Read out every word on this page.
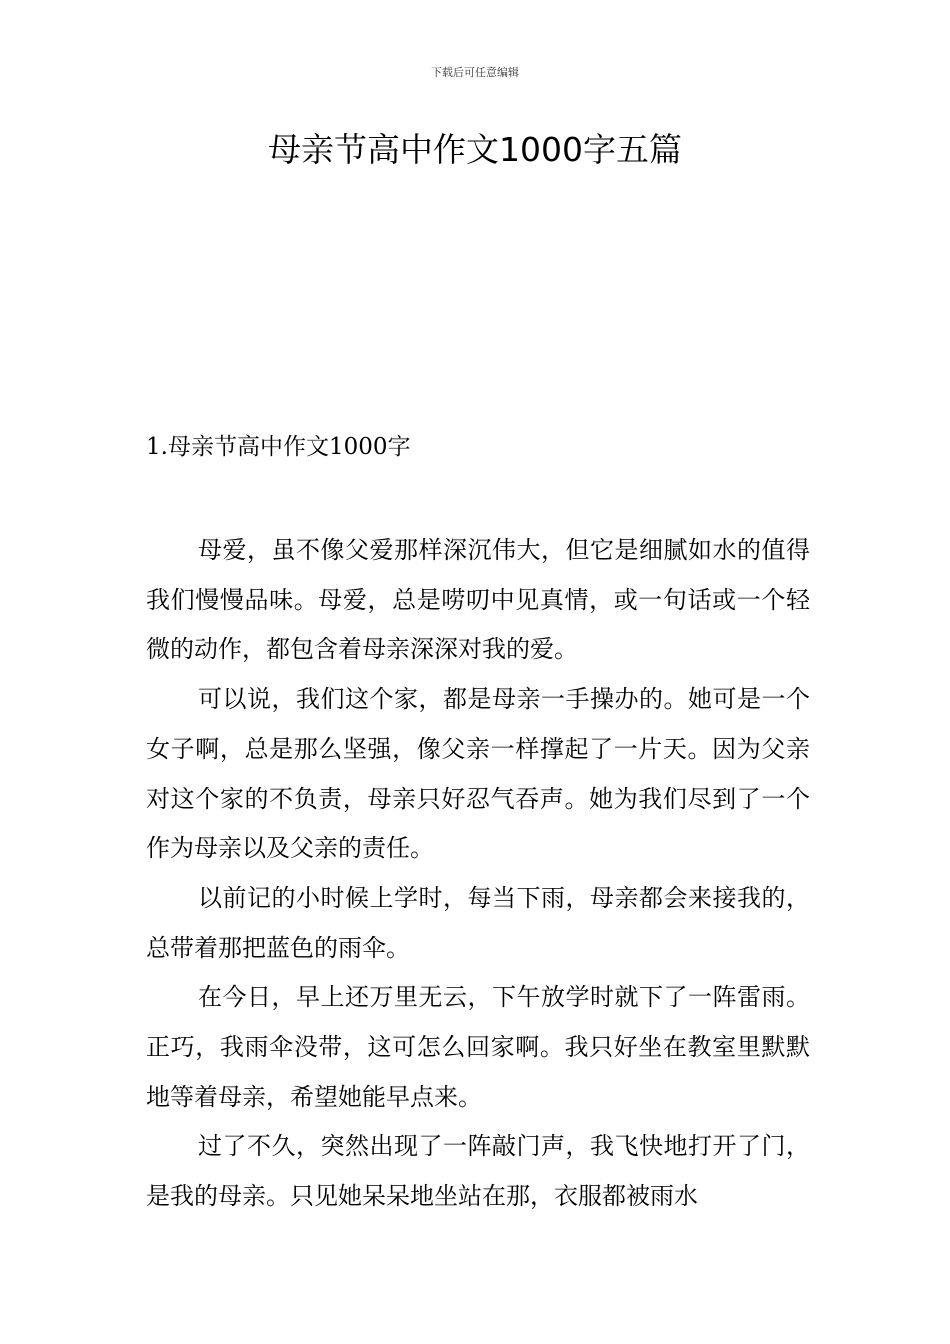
下载后可任意编辑
母亲节高中作文1000字五篇
1.母亲节高中作文1000字

母爱，虽不像父爱那样深沉伟大，但它是细腻如水的值得我们慢慢品味。母爱，总是唠叨中见真情，或一句话或一个轻微的动作，都包含着母亲深深对我的爱。

可以说，我们这个家，都是母亲一手操办的。她可是一个女子啊，总是那么坚强，像父亲一样撑起了一片天。因为父亲对这个家的不负责，母亲只好忍气吞声。她为我们尽到了一个作为母亲以及父亲的责任。

以前记的小时候上学时，每当下雨，母亲都会来接我的，总带着那把蓝色的雨伞。

在今日，早上还万里无云，下午放学时就下了一阵雷雨。正巧，我雨伞没带，这可怎么回家啊。我只好坐在教室里默默地等着母亲，希望她能早点来。

过了不久，突然出现了一阵敲门声，我飞快地打开了门，是我的母亲。只见她呆呆地坐站在那，衣服都被雨水
